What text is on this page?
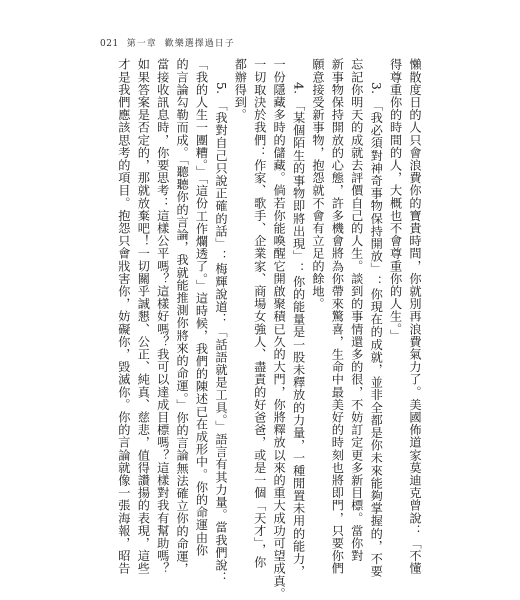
021 第一章 歡樂選擇過日子
懶散度日的人只會浪費你的寶貴時間，你就別再浪費氣力了。美國佈道家莫迪克曾說：「不懂
得尊重你的時間的人，大概也不會尊重你的人生。」
3. 「我必須對神奇事物保持開放」：你現在的成就，並非全都是你未來能夠掌握的，不要
忘記你明天的成就去評價自己的人生。談到的事情還多的很，不妨訂定更多新目標。當你對
新事物保持開放的心態，許多機會將為你帶來驚喜，生命中最美好的時刻也將即門，只要你們
願意接受新事物，抱怨就不會有立足的餘地。
4. 「某個陌生的事物即將出現」：你的能量是一股未釋放的力量，一種閒置未用的能力，
一份隱藏多時的儲藏。倘若你能喚醒它開啟聚積已久的大門，你將釋放以來的重大成功可望成真。
一切取決於我們：作家、歌手、企業家、商場女強人、盡責的好爸爸，或是一個「天才」，你
都辦得到。
5. 「我對自己只說正確的話」：梅輝說道：「話語就是工具。」語言有其力量。當我們說：
「我的人生一團糟。」「這份工作爛透了。」這時候，我們的陳述已在成形中。你的命運由你
的言論勾勒而成。「聽聽你的言論，我就能推測你將來的命運。」你的言論無法確立你的命運，
當接收訊息時，你要思考：這樣公平嗎？這樣好嗎？我可以達成目標嗎？這樣對我有幫助嗎？
如果答案是否定的，那就放棄吧！一切關乎誠懇、公正、純真、慈悲，值得讚揚的表現，這些
才是我們應該思考的項目。抱怨只會戕害你，妨礙你，毀滅你。你的言論就像一張海報，昭告
